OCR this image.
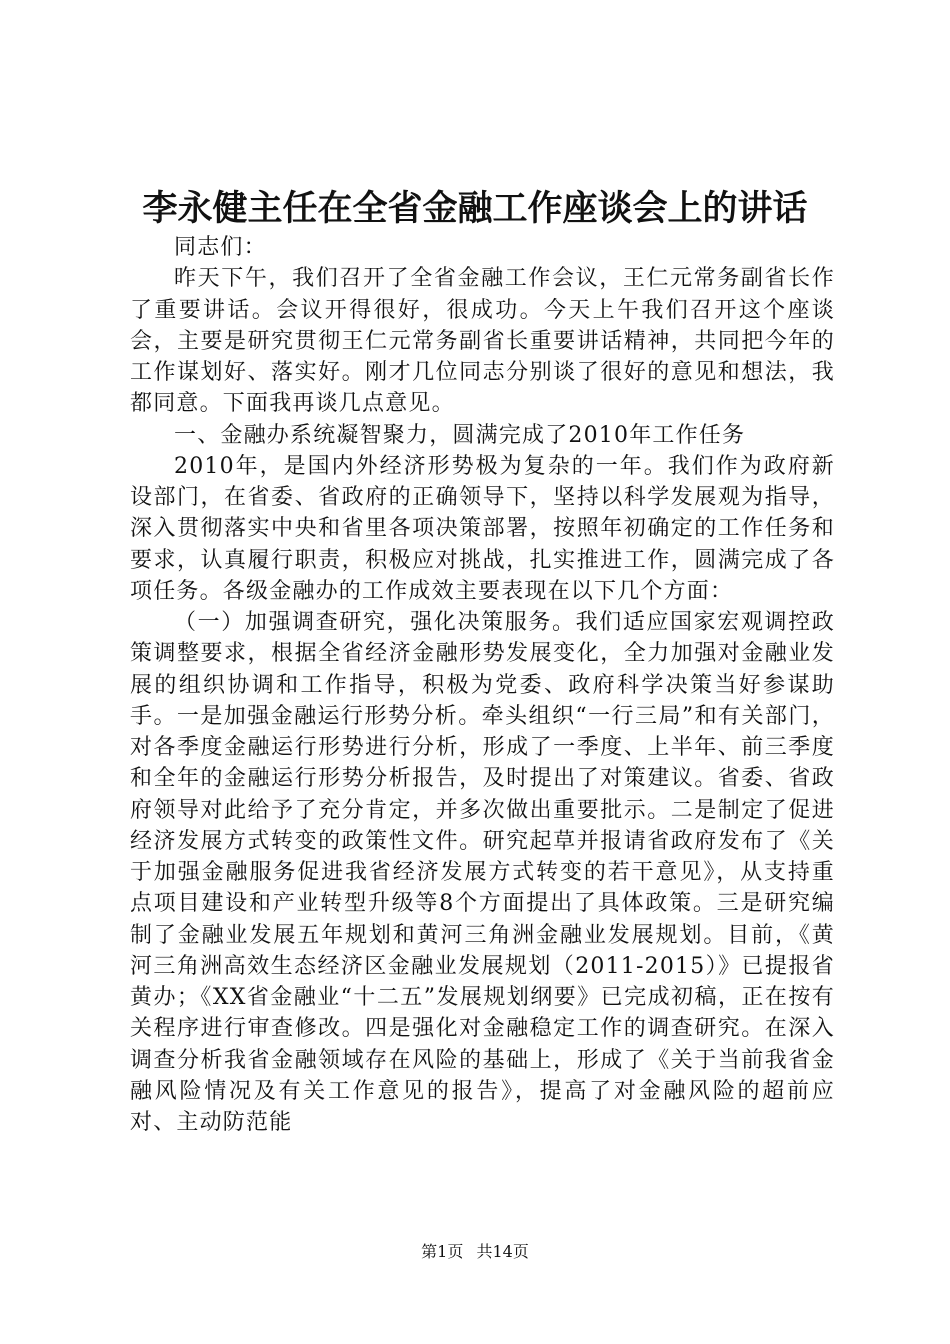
李永健主任在全省金融工作座谈会上的讲话

同志们：

昨天下午，我们召开了全省金融工作会议，王仁元常务副省长作了重要讲话。会议开得很好，很成功。今天上午我们召开这个座谈会，主要是研究贯彻王仁元常务副省长重要讲话精神，共同把今年的工作谋划好、落实好。刚才几位同志分别谈了很好的意见和想法，我都同意。下面我再谈几点意见。

一、金融办系统凝智聚力，圆满完成了2010年工作任务

2010年，是国内外经济形势极为复杂的一年。我们作为政府新设部门，在省委、省政府的正确领导下，坚持以科学发展观为指导，深入贯彻落实中央和省里各项决策部署，按照年初确定的工作任务和要求，认真履行职责，积极应对挑战，扎实推进工作，圆满完成了各项任务。各级金融办的工作成效主要表现在以下几个方面：

（一）加强调查研究，强化决策服务。我们适应国家宏观调控政策调整要求，根据全省经济金融形势发展变化，全力加强对金融业发展的组织协调和工作指导，积极为党委、政府科学决策当好参谋助手。一是加强金融运行形势分析。牵头组织“一行三局”和有关部门，对各季度金融运行形势进行分析，形成了一季度、上半年、前三季度和全年的金融运行形势分析报告，及时提出了对策建议。省委、省政府领导对此给予了充分肯定，并多次做出重要批示。二是制定了促进经济发展方式转变的政策性文件。研究起草并报请省政府发布了《关于加强金融服务促进我省经济发展方式转变的若干意见》，从支持重点项目建设和产业转型升级等8个方面提出了具体政策。三是研究编制了金融业发展五年规划和黄河三角洲金融业发展规划。目前，《黄河三角洲高效生态经济区金融业发展规划（2011-2015）》已提报省黄办；《XX省金融业“十二五”发展规划纲要》已完成初稿，正在按有关程序进行审查修改。四是强化对金融稳定工作的调查研究。在深入调查分析我省金融领域存在风险的基础上，形成了《关于当前我省金融风险情况及有关工作意见的报告》，提高了对金融风险的超前应对、主动防范能

第1页 共14页
